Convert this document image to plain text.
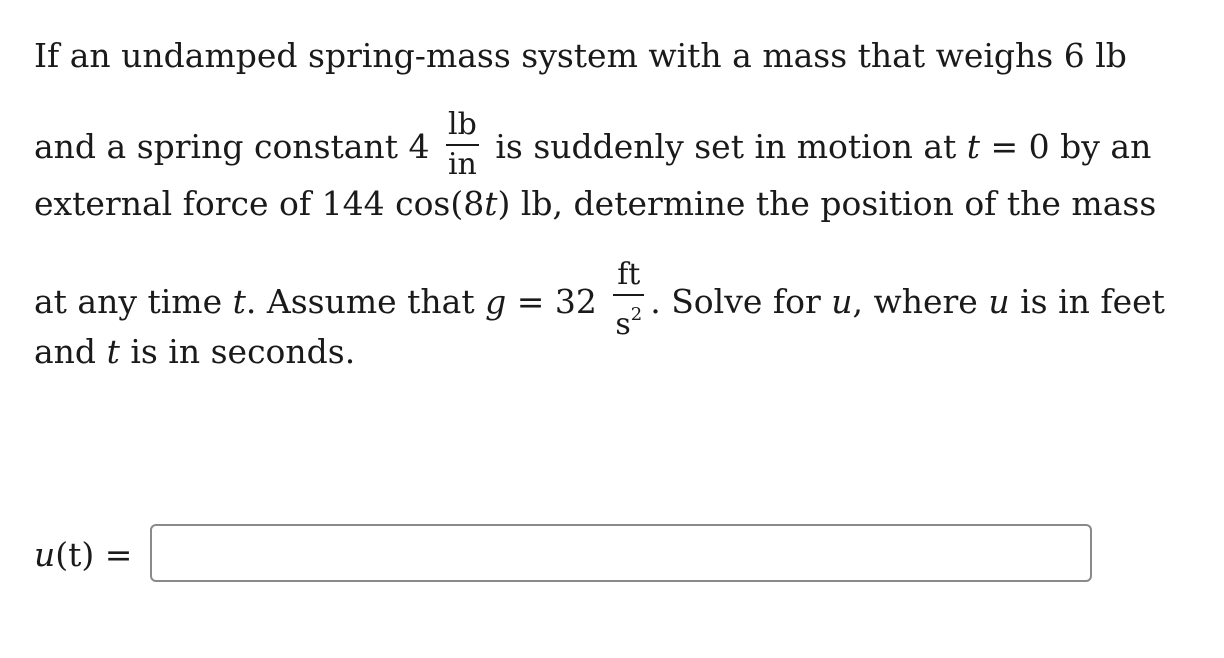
If an undamped spring-mass system with a mass that weighs 6 lb
and a spring constant $4 \frac{lb}{in}$ is suddenly set in motion at t = 0 by an
external force of 144 cos(8t) lb, determine the position of the mass
at any time t. Assume that $g = 32 \frac{ft}{s^2}$ . Solve for u, where u is in feet
and t is in seconds.
u(t) =
